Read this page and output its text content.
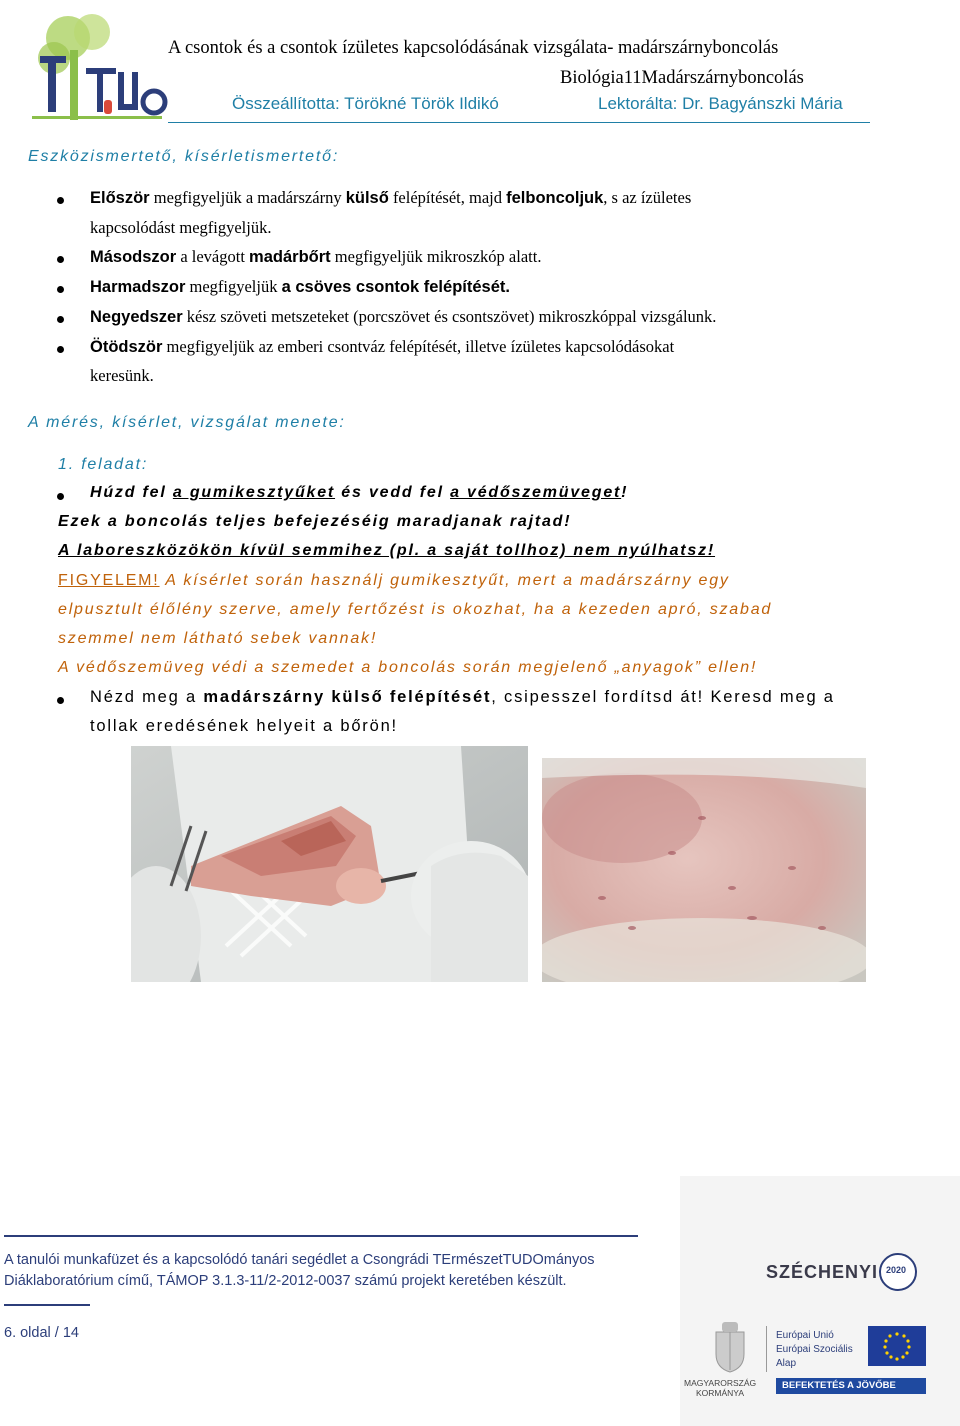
A csontok és a csontok ízületes kapcsolódásának vizsgálata- madárszárnyboncolás
Biológia11Madárszárnyboncolás
Összeállította: Törökné Török Ildikó	Lektorálta: Dr. Bagyánszki Mária
Eszközismertető, kísérletismertető:
Először megfigyeljük a madárszárny külső felépítését, majd felboncoljuk, s az ízületes
kapcsolódást megfigyeljük.
Másodszor a levágott madárbőrt megfigyeljük mikroszkóp alatt.
Harmadszor megfigyeljük a csöves csontok felépítését.
Negyedszer kész szöveti metszeteket (porcszövet és csontszövet) mikroszkóppal vizsgálunk.
Ötödször megfigyeljük az emberi csontváz felépítését, illetve ízületes kapcsolódásokat
keresünk.
A mérés, kísérlet, vizsgálat menete:
1. feladat:
Húzd fel a gumikesztyűket és vedd fel a védőszemüveget!
Ezek a boncolás teljes befejezéséig maradjanak rajtad!
A laboreszközökön kívül semmihez (pl. a saját tollhoz) nem nyúlhatsz!
FIGYELEM! A kísérlet során használj gumikesztyűt, mert a madárszárny egy
elpusztult élőlény szerve, amely fertőzést is okozhat, ha a kezeden apró, szabad
szemmel nem látható sebek vannak!
A védőszemüveg védi a szemedet a boncolás során megjelenő „anyagok” ellen!
Nézd meg a madárszárny külső felépítését, csipesszel fordítsd át! Keresd meg a
tollak eredésének helyeit a bőrön!
A tanulói munkafüzet és a kapcsolódó tanári segédlet a Csongrádi TErmészetTUDOmányos
Diáklaboratórium című, TÁMOP 3.1.3-11/2-2012-0037 számú projekt keretében készült.
6. oldal / 14
SZÉCHENYI 2020
MAGYARORSZÁG
KORMÁNYA
Európai Unió
Európai Szociális
Alap
BEFEKTETÉS A JÖVŐBE
